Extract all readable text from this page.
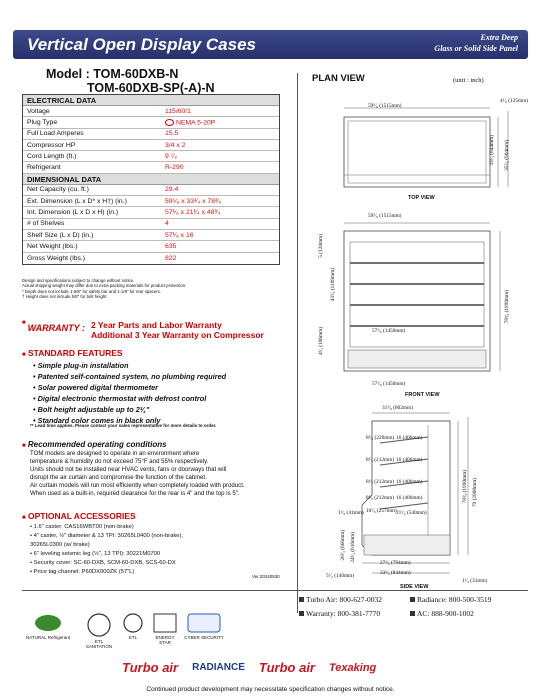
Vertical Open Display Cases	Extra Deep
Glass or Solid Side Panel
Model : TOM-60DXB-N
TOM-60DXB-SP(-A)-N
ELECTRICAL DATA
Voltage	115/60/1
Plug Type	NEMA 5-20P
Full Load Amperes	15.5
Compressor HP	3/4 x 2
Cord Length (ft.)	9 ⁷⁄₈
Refrigerant	R-290
DIMENSIONAL DATA
Net Capacity (cu. ft.)	29.4
Ext. Dimension (L x D* x H†) (in.)	59⁵⁄₈ x 33¹⁄₄ x 78³⁄₈
Int. Dimension (L x D x H) (in.)	57¹⁄₈ x 21¹⁄₄ x 48³⁄₄
# of Shelves	4
Shelf Size (L x D) (in.)	57¹⁄₈ x 16
Net Weight (lbs.)	635
Gross Weight (lbs.)	822
Design and specifications subject to change without notice.
Actual shipping weight may differ due to extra packing materials for product protection.
* Depth does not include 1-5/8" for safety bar and 1-1/8" for rear spacers.
† Height does not include 5/8" for bolt height.
■ WARRANTY : 2 Year Parts and Labor Warranty
Additional 3 Year Warranty on Compressor
■ STANDARD FEATURES
• Simple plug-in installation
• Patented self-contained system, no plumbing required
• Solar powered digital thermometer
• Digital electronic thermostat with defrost control
• Bolt height adjustable up to 2¾"
• Standard color comes in black only
** Lead time applies. Please contact your sales representative for more details to order.
■ Recommended operating conditions
TOM models are designed to operate in an environment where
temperature & humidity do not exceed 75°F and 55% respectively.
Units should not be installed near HVAC vents, fans or doorways that will
disrupt the air curtain and compromise the function of the cabinet.
Air curtain models will run most efficiently when completely loaded with product.
When used as a built-in, required clearance for the rear is 4" and the top is 5".
■ OPTIONAL ACCESSORIES
• 1.6" caster: CAS16WBT00 (non-brake)
• 4" caster, ½" diameter & 13 TPI: 30265L0400 (non-brake),
30265L0300 (w/ brake)
• 6" leveling seismic leg (½", 13 TPI): 30221M0700
• Security cover: SC-60-DXB, SCM-60-DXB, SCS-60-DX
• Price tag channel: P60DX000ZK (57"L)
Ver.20240530
PLAN VIEW	(unit : inch)
59⁵⁄₈ (1515mm)
4¹⁄₈ (125mm)
33¹⁄₄ (844mm) 35⁵⁄₈ (904mm)
TOP VIEW
59⁵⁄₈ (1515mm)
5 (128mm)
43⁵⁄₈ (1109mm)
57¹⁄₈ (1450mm)
4¹⁄₂ (106mm)
78³⁄₈ (1990mm)
57¹⁄₈ (1450mm)
FRONT VIEW
31⁵⁄₈ (802mm)
8⁵⁄₈ (220mm) 16 (406mm)
8¹⁄₈ (212mm) 16 (406mm)
8¹⁄₈ (212mm) 16 (406mm)
8¹⁄₈ (212mm) 16 (406mm)
10¹⁄₈ (257mm) 21¹⁄₄ (540mm)
1⁵⁄₈ (41mm)
26¹⁄₄ (666mm) 24¹⁄₄ (616mm)
78³⁄₈ (1990mm) 79 (2008mm)
5¹⁄₂ (140mm)
27¹⁄₈ (794mm)
33¹⁄₄ (844mm)
1¹⁄₄ (31mm)
SIDE VIEW
NATURAL Refrigerant
ETL SANITATION
ETL	ENERGY STAR
CYBER SECURITY
Turbo Air: 800-627-0032	Radiance: 800-500-3519
Warranty: 800-381-7770	AC: 888-900-1002
Turbo air RADIANCE Turbo air Texaking
Continued product development may necessitate specification changes without notice.
